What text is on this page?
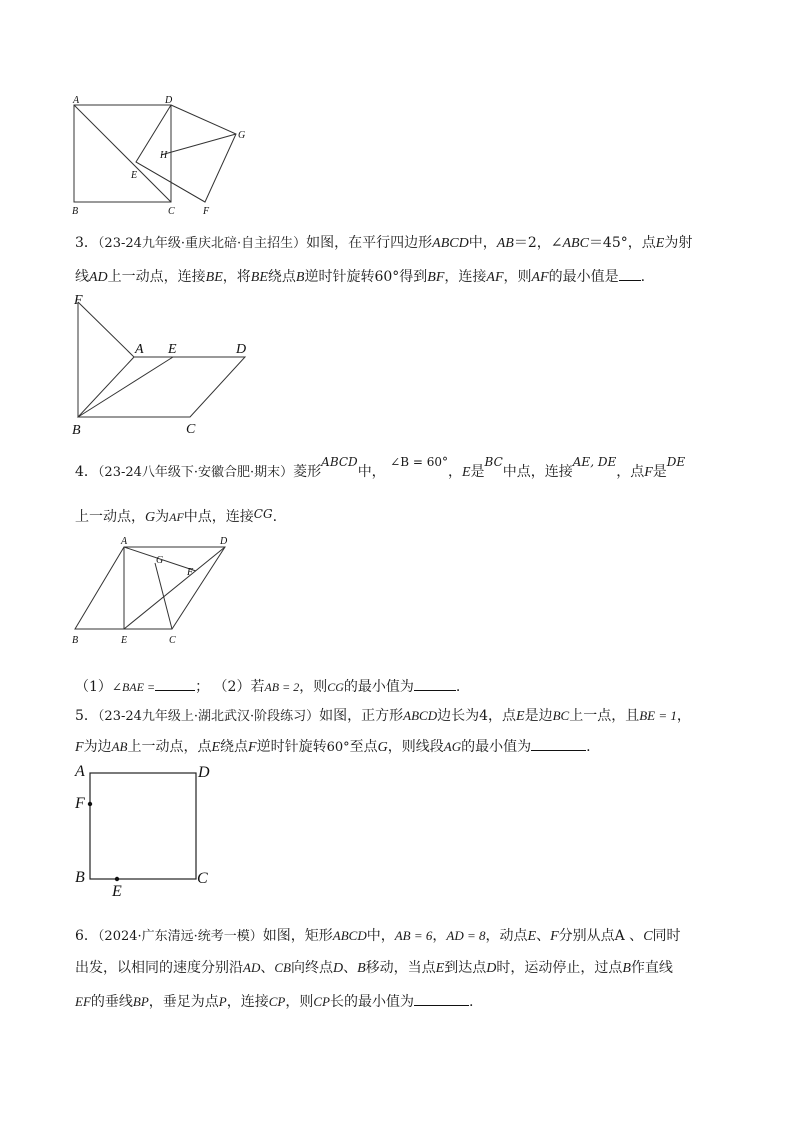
A	D
G
H
E
B	C	F
3．（23-24九年级·重庆北碚·自主招生）如图，在平行四边形ABCD中，AB＝2，∠ABC＝45°，点E为射
线AD上一动点，连接BE，将BE绕点B逆时针旋转60°得到BF，连接AF，则AF的最小值是 .
F
A E	D
B	C
4．（23-24八年级下·安徽合肥·期末）菱形ABCD中， ∠B = 60°，E是BC中点，连接AE, DE，点F是DE
上一动点，G为AF中点，连接CG.
A	D
G
F
B	E	C
（1）∠BAE =	； （2）若AB = 2，则CG的最小值为	.
5．（23-24九年级上·湖北武汉·阶段练习）如图，正方形ABCD边长为4，点E是边BC上一点，且BE = 1，
F为边AB上一动点，点E绕点F逆时针旋转60°至点G，则线段AG的最小值为	.
A	D
F
B
E
C
6．（2024·广东清远·统考一模）如图，矩形ABCD中，AB = 6，AD = 8，动点E、F分别从点A 、C同时
出发，以相同的速度分别沿AD、CB向终点D、B移动，当点E到达点D时，运动停止，过点B作直线
EF的垂线BP，垂足为点P，连接CP，则CP长的最小值为	.
